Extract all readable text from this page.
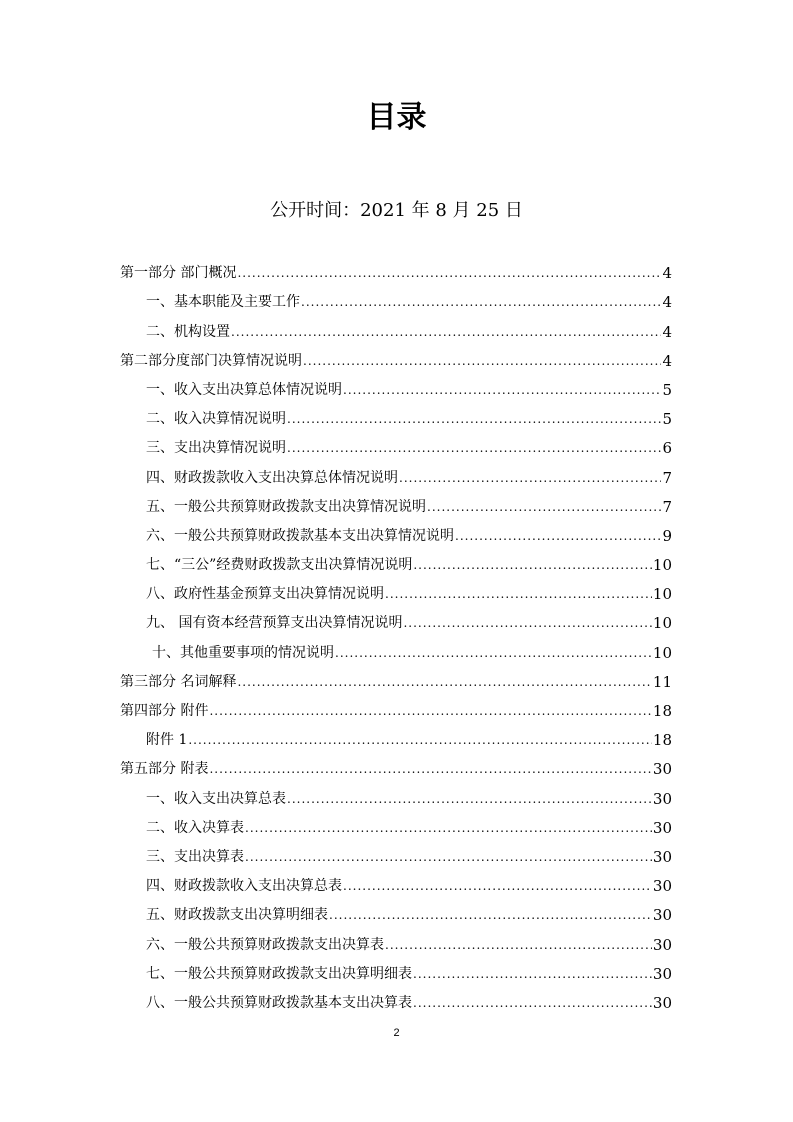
目录
公开时间：2021 年 8 月 25 日
第一部分 部门概况 .....	4
一、基本职能及主要工作 .....	4
二、机构设置 .....	4
第二部分度部门决算情况说明 .....	4
一、收入支出决算总体情况说明 .....	5
二、收入决算情况说明 .....	5
三、支出决算情况说明 .....	6
四、财政拨款收入支出决算总体情况说明 .....	7
五、一般公共预算财政拨款支出决算情况说明 .....	7
六、一般公共预算财政拨款基本支出决算情况说明 .....	9
七、“三公”经费财政拨款支出决算情况说明 .....	10
八、政府性基金预算支出决算情况说明 .....	10
九、 国有资本经营预算支出决算情况说明 .....	10
十、其他重要事项的情况说明 .....	10
第三部分 名词解释 .....	11
第四部分 附件 .....	18
附件 1 .....	18
第五部分 附表 .....	30
一、收入支出决算总表 .....	30
二、收入决算表 .....	30
三、支出决算表 .....	30
四、财政拨款收入支出决算总表 .....	30
五、财政拨款支出决算明细表 .....	30
六、一般公共预算财政拨款支出决算表 .....	30
七、一般公共预算财政拨款支出决算明细表 .....	30
八、一般公共预算财政拨款基本支出决算表 .....	30
2
